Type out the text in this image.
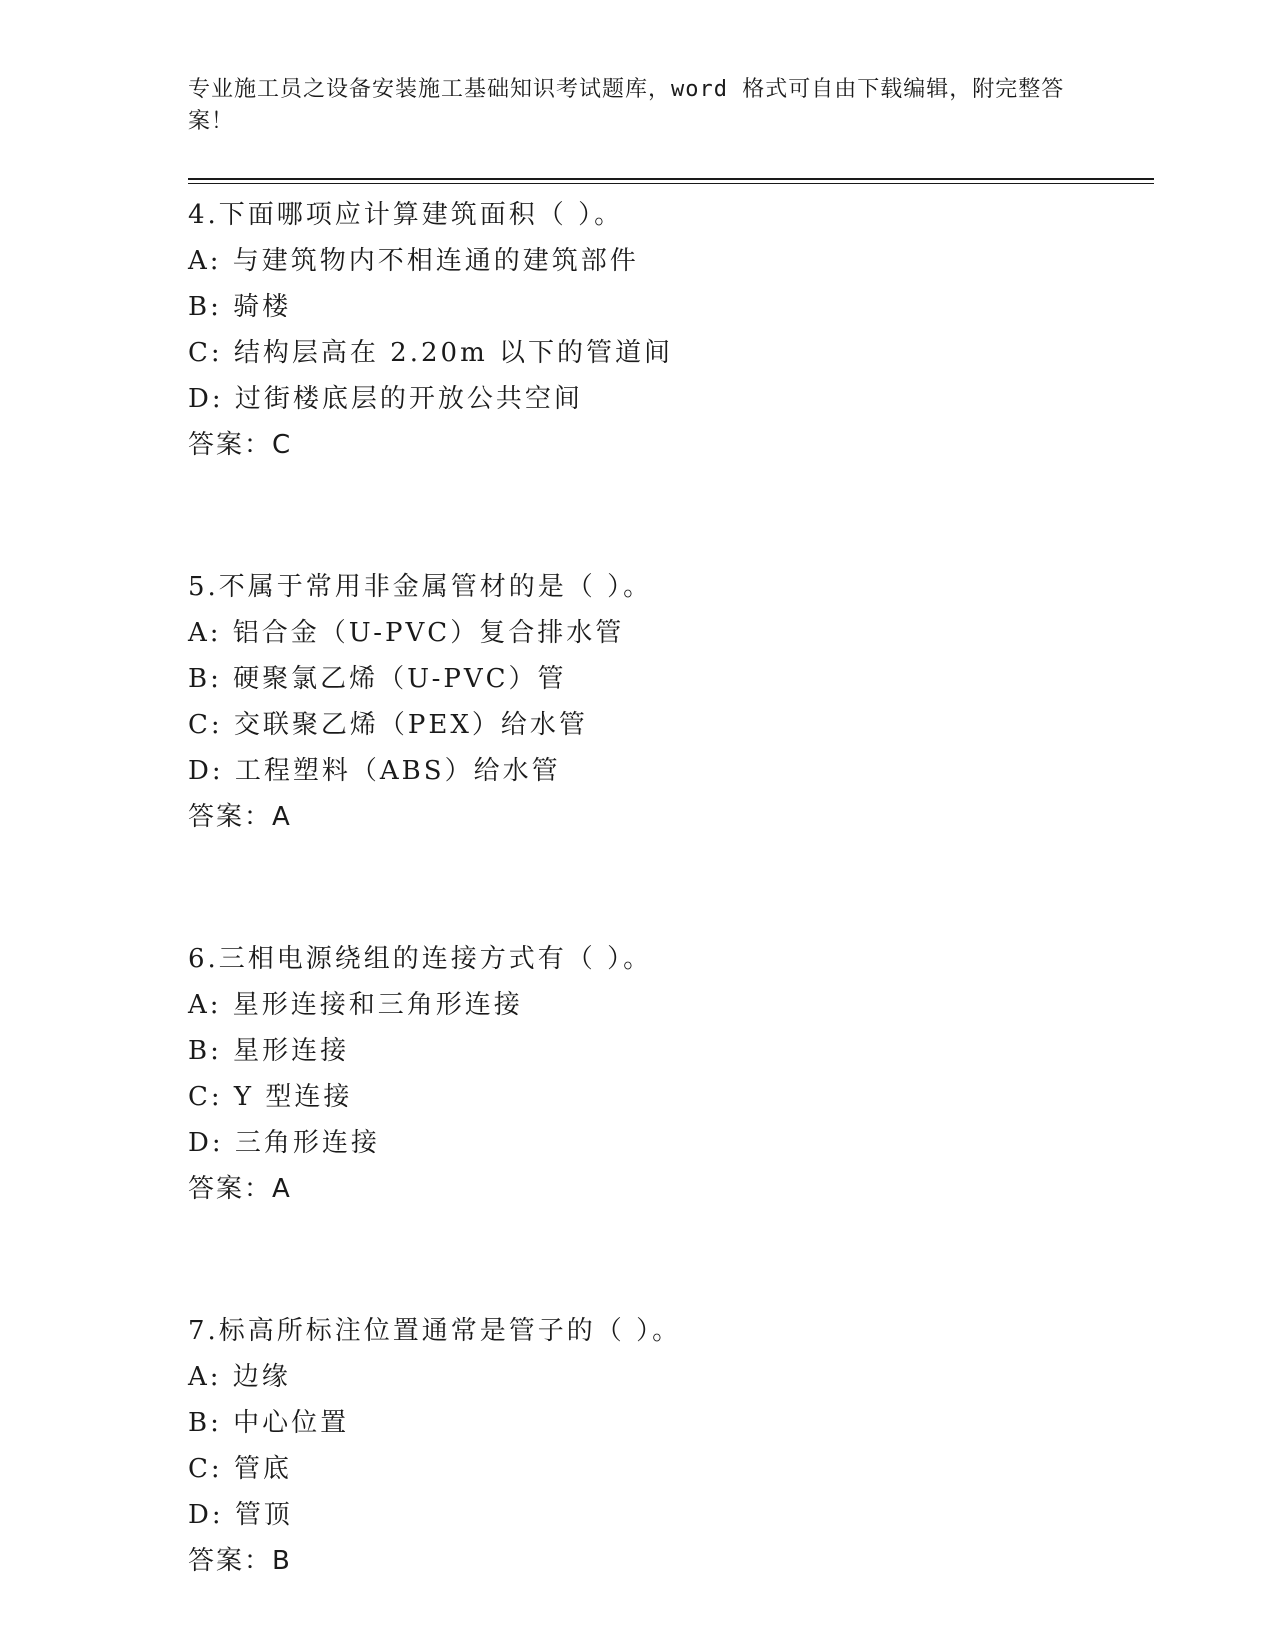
专业施工员之设备安装施工基础知识考试题库，word 格式可自由下载编辑，附完整答案！
4.下面哪项应计算建筑面积（ ）。
A: 与建筑物内不相连通的建筑部件
B: 骑楼
C: 结构层高在 2.20m 以下的管道间
D: 过街楼底层的开放公共空间
答案：C
5.不属于常用非金属管材的是（ ）。
A: 铝合金（U-PVC）复合排水管
B: 硬聚氯乙烯（U-PVC）管
C: 交联聚乙烯（PEX）给水管
D: 工程塑料（ABS）给水管
答案：A
6.三相电源绕组的连接方式有（ ）。
A: 星形连接和三角形连接
B: 星形连接
C: Y 型连接
D: 三角形连接
答案：A
7.标高所标注位置通常是管子的（ ）。
A: 边缘
B: 中心位置
C: 管底
D: 管顶
答案：B
